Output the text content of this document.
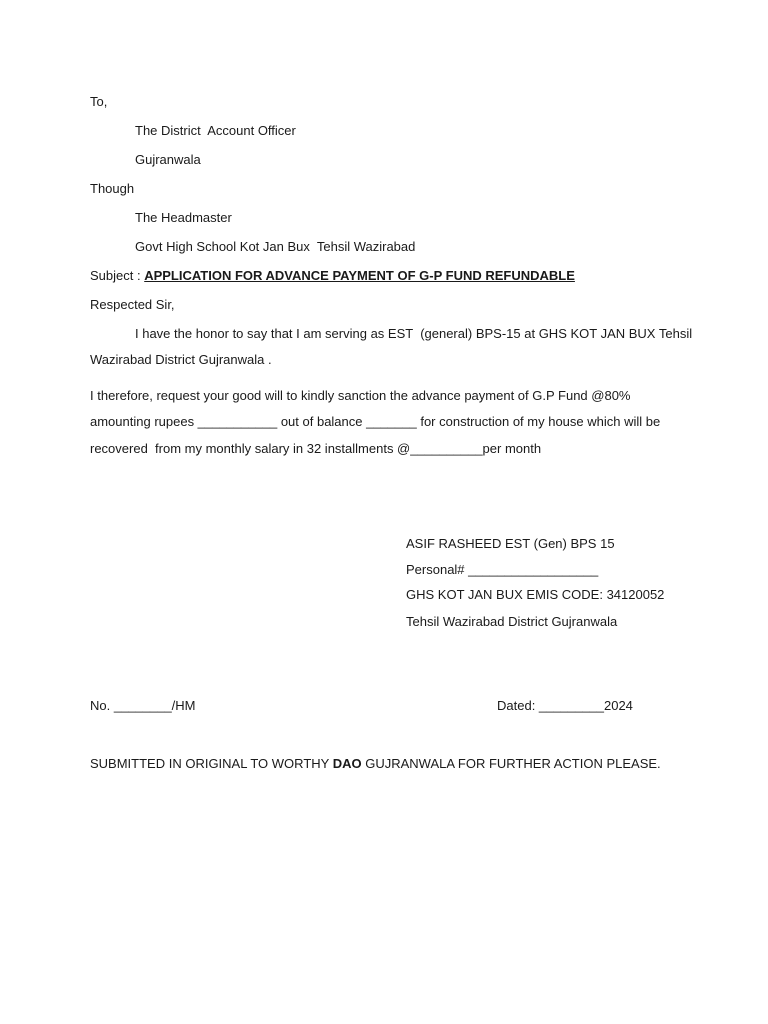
To,
The District  Account Officer
Gujranwala
Though
The Headmaster
Govt High School Kot Jan Bux  Tehsil Wazirabad
Subject : APPLICATION FOR ADVANCE PAYMENT OF G-P FUND REFUNDABLE
Respected Sir,
I have the honor to say that I am serving as EST  (general) BPS-15 at GHS KOT JAN BUX Tehsil
Wazirabad District Gujranwala .
I therefore, request your good will to kindly sanction the advance payment of G.P Fund @80%
amounting rupees ___________ out of balance _______ for construction of my house which will be
recovered  from my monthly salary in 32 installments @__________per month
ASIF RASHEED EST (Gen) BPS 15
Personal# __________________
GHS KOT JAN BUX EMIS CODE: 34120052
Tehsil Wazirabad District Gujranwala
No. ________/HM	Dated: _________2024
SUBMITTED IN ORIGINAL TO WORTHY DAO GUJRANWALA FOR FURTHER ACTION PLEASE.
